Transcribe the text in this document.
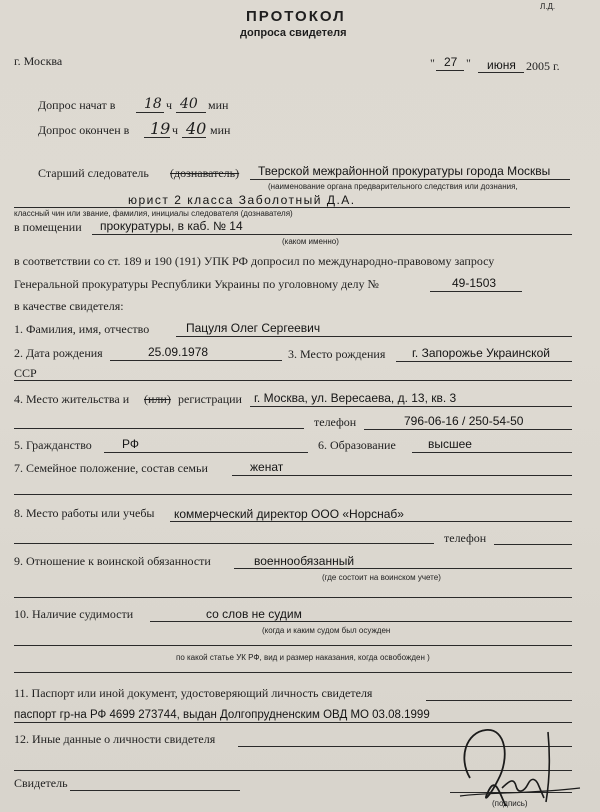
Л.Д.
ПРОТОКОЛ
допроса свидетеля
г. Москва	" 27 " июня 2005 г.
Допрос начат в 18 ч 40 мин
Допрос окончен в 19 ч 40 мин
Старший следователь (дознаватель) Тверской межрайонной прокуратуры города Москвы
(наименование органа предварительного следствия или дознания,
юрист 2 класса Заболотный Д.А.
классный чин или звание, фамилия, инициалы следователя (дознавателя)
в помещении прокуратуры, в каб. № 14
(каком именно)
в соответствии со ст. 189 и 190 (191) УПК РФ допросил по международно-правовому запросу
Генеральной прокуратуры Республики Украины по уголовному делу №	49-1503
в качестве свидетеля:
1. Фамилия, имя, отчество	Пацуля Олег Сергеевич
2. Дата рождения	25.09.1978	3. Место рождения г. Запорожье Украинской
ССР
4. Место жительства и (или) регистрации г. Москва, ул. Вересаева, д. 13, кв. 3
телефон	796-06-16 / 250-54-50
5. Гражданство	РФ	6. Образование	высшее
7. Семейное положение, состав семьи	женат
8. Место работы или учебы коммерческий директор ООО «Норснаб»
телефон
9. Отношение к воинской обязанности	военнообязанный
(где состоит на воинском учете)
10. Наличие судимости	со слов не судим
(когда и каким судом был осужден
по какой статье УК РФ, вид и размер наказания, когда освобожден )
11. Паспорт или иной документ, удостоверяющий личность свидетеля
паспорт гр-на РФ 4699 273744, выдан Долгопрудненским ОВД МО 03.08.1999
12. Иные данные о личности свидетеля
Свидетель
(подпись)
